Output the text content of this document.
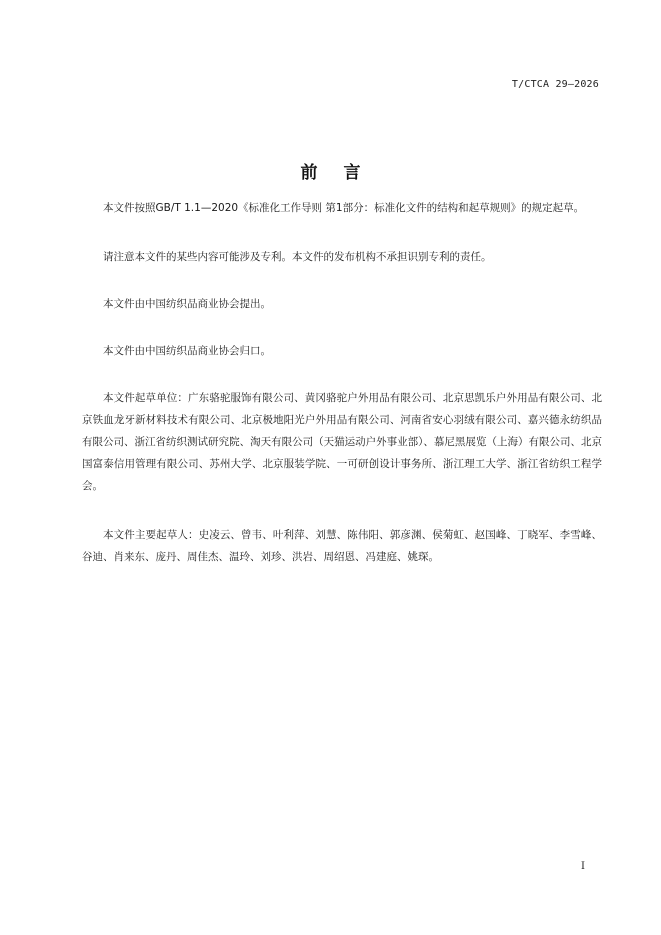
T/CTCA 29—2026
前言

本文件按照GB/T 1.1—2020《标准化工作导则 第1部分：标准化文件的结构和起草规则》的规定起草。

请注意本文件的某些内容可能涉及专利。本文件的发布机构不承担识别专利的责任。

本文件由中国纺织品商业协会提出。

本文件由中国纺织品商业协会归口。

本文件起草单位：广东骆驼服饰有限公司、黄冈骆驼户外用品有限公司、北京思凯乐户外用品有限公司、北京铁血龙牙新材料技术有限公司、北京极地阳光户外用品有限公司、河南省安心羽绒有限公司、嘉兴德永纺织品有限公司、浙江省纺织测试研究院、淘天有限公司（天猫运动户外事业部）、慕尼黑展览（上海）有限公司、北京国富泰信用管理有限公司、苏州大学、北京服装学院、一可研创设计事务所、浙江理工大学、浙江省纺织工程学会。

本文件主要起草人：史凌云、曾韦、叶利萍、刘慧、陈伟阳、郭彦渊、侯菊虹、赵国峰、丁晓军、李雪峰、谷迪、肖来东、庞丹、周佳杰、温玲、刘珍、洪岩、周绍恩、冯建庭、姚琛。

I
